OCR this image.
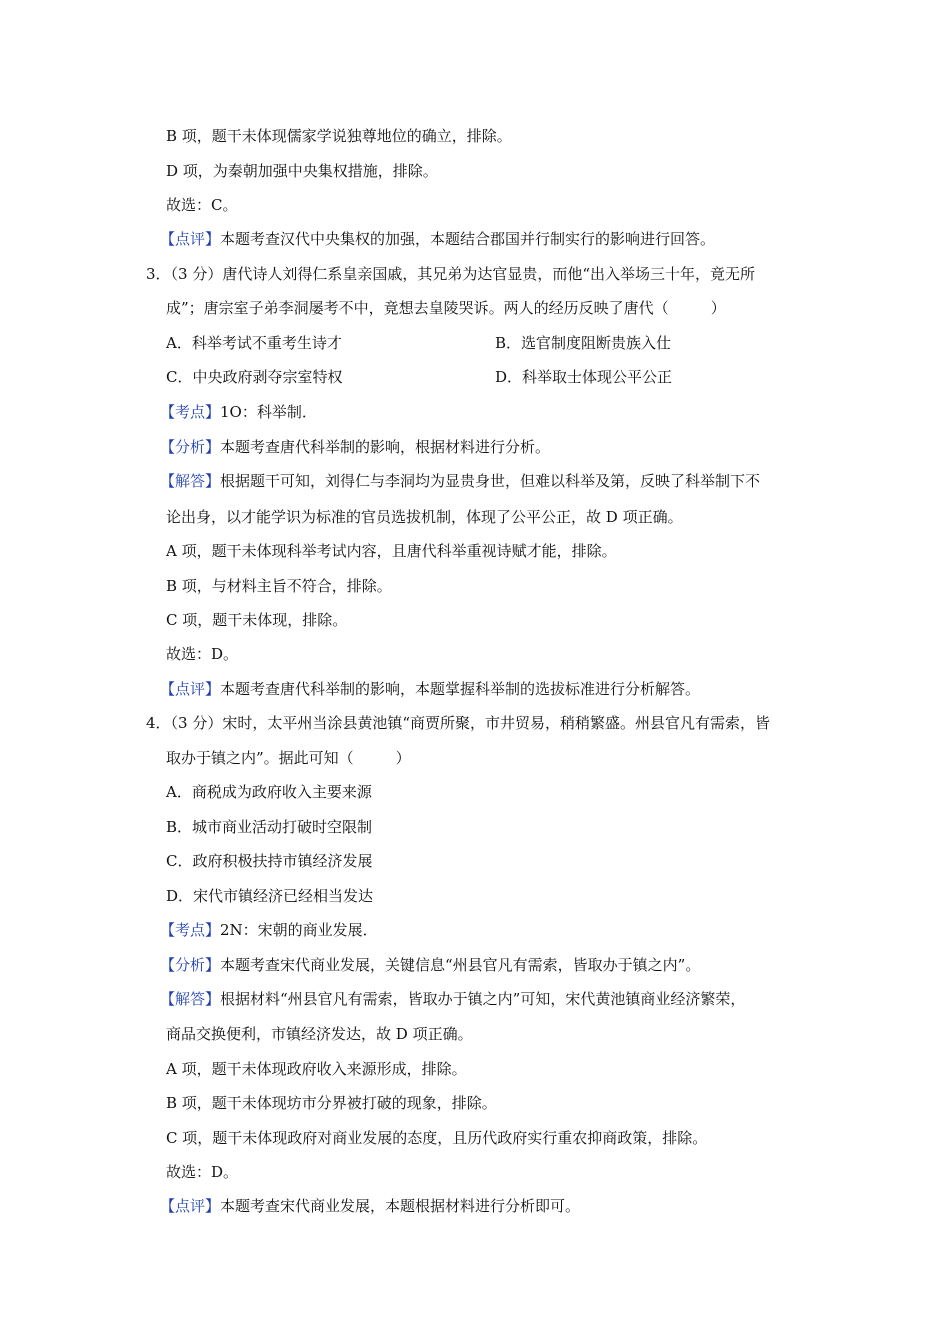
B 项，题干未体现儒家学说独尊地位的确立，排除。
D 项，为秦朝加强中央集权措施，排除。
故选：C。
【点评】本题考查汉代中央集权的加强，本题结合郡国并行制实行的影响进行回答。
3．（3 分）唐代诗人刘得仁系皇亲国戚，其兄弟为达官显贵，而他“出入举场三十年，竟无所
成”；唐宗室子弟李洞屡考不中，竟想去皇陵哭诉。两人的经历反映了唐代（	）
A．科举考试不重考生诗才	B．选官制度阻断贵族入仕
C．中央政府剥夺宗室特权	D．科举取士体现公平公正
【考点】1O：科举制．
【分析】本题考查唐代科举制的影响，根据材料进行分析。
【解答】根据题干可知，刘得仁与李洞均为显贵身世，但难以科举及第，反映了科举制下不
论出身，以才能学识为标准的官员选拔机制，体现了公平公正，故 D 项正确。
A 项，题干未体现科举考试内容，且唐代科举重视诗赋才能，排除。
B 项，与材料主旨不符合，排除。
C 项，题干未体现，排除。
故选：D。
【点评】本题考查唐代科举制的影响，本题掌握科举制的选拔标准进行分析解答。
4．（3 分）宋时，太平州当涂县黄池镇“商贾所聚，市井贸易，稍稍繁盛。州县官凡有需索，皆
取办于镇之内”。据此可知（	）
A．商税成为政府收入主要来源
B．城市商业活动打破时空限制
C．政府积极扶持市镇经济发展
D．宋代市镇经济已经相当发达
【考点】2N：宋朝的商业发展．
【分析】本题考查宋代商业发展，关键信息“州县官凡有需索，皆取办于镇之内”。
【解答】根据材料“州县官凡有需索，皆取办于镇之内”可知，宋代黄池镇商业经济繁荣，
商品交换便利，市镇经济发达，故 D 项正确。
A 项，题干未体现政府收入来源形成，排除。
B 项，题干未体现坊市分界被打破的现象，排除。
C 项，题干未体现政府对商业发展的态度，且历代政府实行重农抑商政策，排除。
故选：D。
【点评】本题考查宋代商业发展，本题根据材料进行分析即可。
